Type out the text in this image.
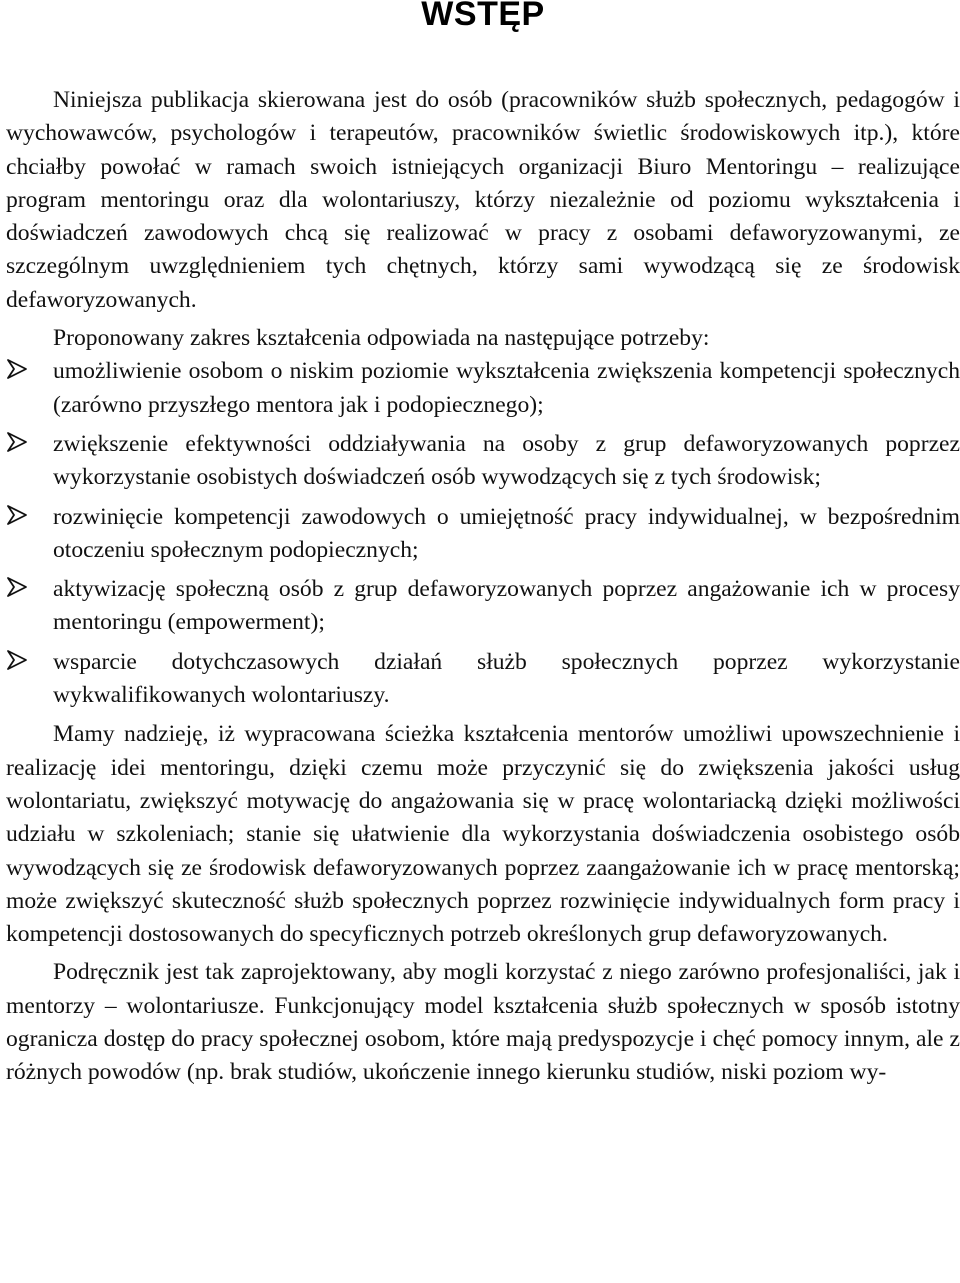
WSTĘP

Niniejsza publikacja skierowana jest do osób (pracowników służb społecznych, pedagogów i wychowawców, psychologów i terapeutów, pracowników świetlic środowiskowych itp.), które chciałby powołać w ramach swoich istniejących organizacji Biuro Mentoringu – realizujące program mentoringu oraz dla wolontariuszy, którzy niezależnie od poziomu wykształcenia i doświadczeń zawodowych chcą się realizować w pracy z osobami defaworyzowanymi, ze szczególnym uwzględnieniem tych chętnych, którzy sami wywodzącą się ze środowisk defaworyzowanych.

Proponowany zakres kształcenia odpowiada na następujące potrzeby:

umożliwienie osobom o niskim poziomie wykształcenia zwiększenia kompetencji społecznych (zarówno przyszłego mentora jak i podopiecznego);
zwiększenie efektywności oddziaływania na osoby z grup defaworyzowanych poprzez wykorzystanie osobistych doświadczeń osób wywodzących się z tych środowisk;
rozwinięcie kompetencji zawodowych o umiejętność pracy indywidualnej, w bezpośrednim otoczeniu społecznym podopiecznych;
aktywizację społeczną osób z grup defaworyzowanych poprzez angażowanie ich w procesy mentoringu (empowerment);
wsparcie dotychczasowych działań służb społecznych poprzez wykorzystanie wykwalifikowanych wolontariuszy.

Mamy nadzieję, iż wypracowana ścieżka kształcenia mentorów umożliwi upowszechnienie i realizację idei mentoringu, dzięki czemu może przyczynić się do zwiększenia jakości usług wolontariatu, zwiększyć motywację do angażowania się w pracę wolontariacką dzięki możliwości udziału w szkoleniach; stanie się ułatwienie dla wykorzystania doświadczenia osobistego osób wywodzących się ze środowisk defaworyzowanych poprzez zaangażowanie ich w pracę mentorską; może zwiększyć skuteczność służb społecznych poprzez rozwinięcie indywidualnych form pracy i kompetencji dostosowanych do specyficznych potrzeb określonych grup defaworyzowanych.

Podręcznik jest tak zaprojektowany, aby mogli korzystać z niego zarówno profesjonaliści, jak i mentorzy – wolontariusze. Funkcjonujący model kształcenia służb społecznych w sposób istotny ogranicza dostęp do pracy społecznej osobom, które mają predyspozycje i chęć pomocy innym, ale z różnych powodów (np. brak studiów, ukończenie innego kierunku studiów, niski poziom wy-
